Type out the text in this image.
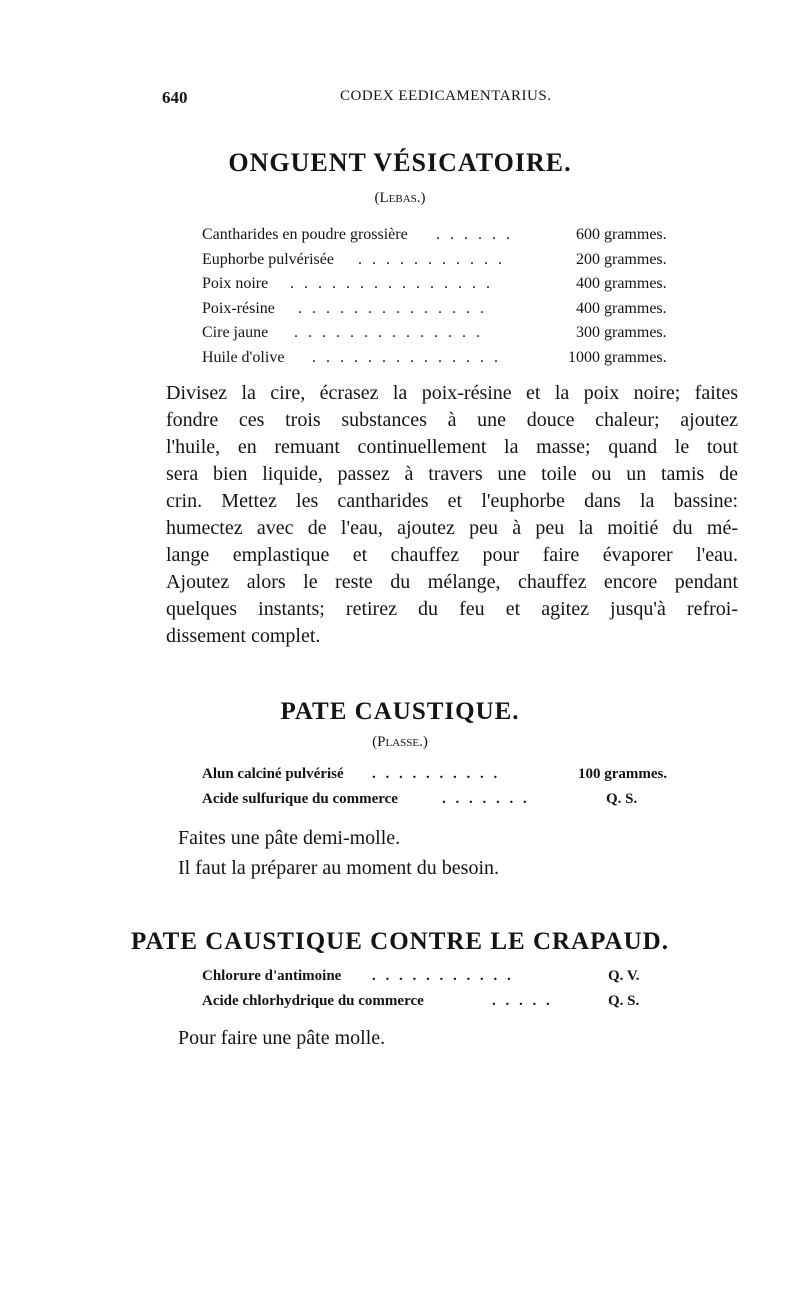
640	CODEX EEDICAMENTARIUS.
ONGUENT VÉSICATOIRE.
(Lebas.)
Cantharides en poudre grossière . . . . . .	600 grammes.
Euphorbe pulvérisée . . . . . . . . . . .	200 grammes.
Poix noire . . . . . . . . . . . . . . .	400 grammes.
Poix-résine . . . . . . . . . . . . . .	400 grammes.
Cire jaune . . . . . . . . . . . . . .	300 grammes.
Huile d'olive . . . . . . . . . . . . . .	1000 grammes.
Divisez la cire, écrasez la poix-résine et la poix noire; faites
fondre ces trois substances à une douce chaleur; ajoutez
l'huile, en remuant continuellement la masse; quand le tout
sera bien liquide, passez à travers une toile ou un tamis de
crin. Mettez les cantharides et l'euphorbe dans la bassine:
humectez avec de l'eau, ajoutez peu à peu la moitié du mé-
lange emplastique et chauffez pour faire évaporer l'eau.
Ajoutez alors le reste du mélange, chauffez encore pendant
quelques instants; retirez du feu et agitez jusqu'à refroi-
dissement complet.
PATE CAUSTIQUE.
(Plasse.)
Alun calciné pulvérisé . . . . . . . . . .	100 grammes.
Acide sulfurique du commerce	. . . . . . .	Q. S.
Faites une pâte demi-molle.
Il faut la préparer au moment du besoin.
PATE CAUSTIQUE CONTRE LE CRAPAUD.
Chlorure d'antimoine . . . . . . . . . . .	Q. V.
Acide chlorhydrique du commerce	. . . . .	Q. S.
Pour faire une pâte molle.
